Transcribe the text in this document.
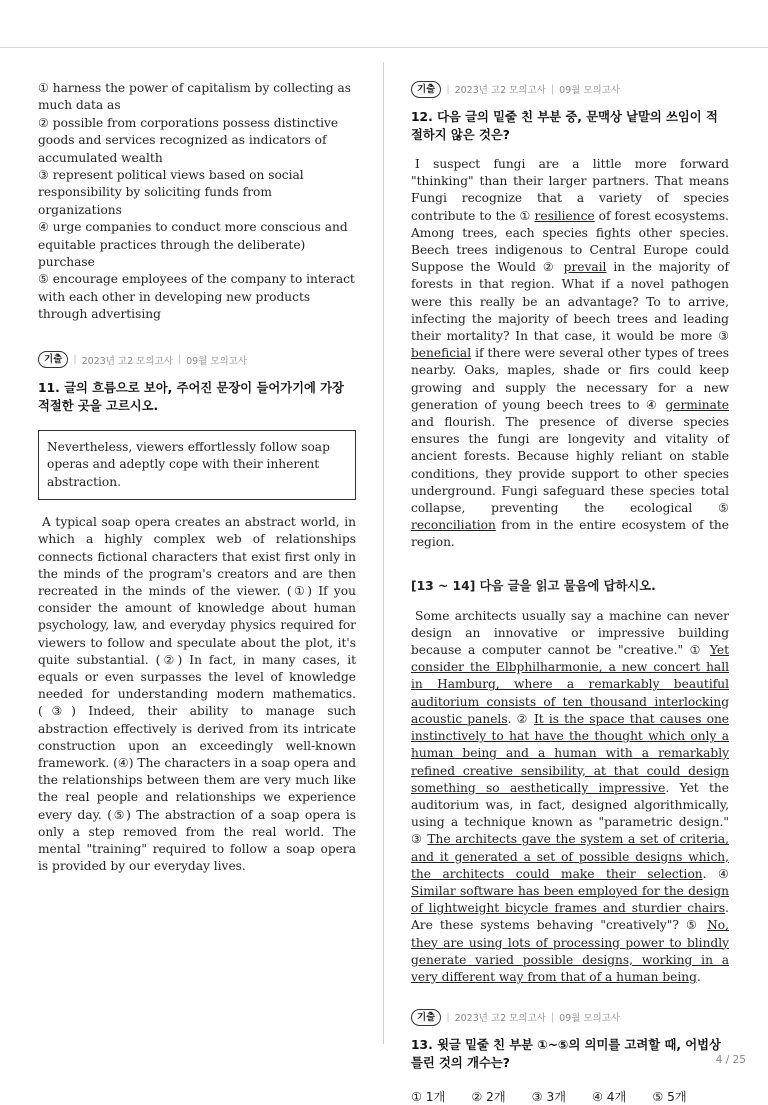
① harness the power of capitalism by collecting as much data as

② possible from corporations possess distinctive goods and services recognized as indicators of accumulated wealth

③ represent political views based on social responsibility by soliciting funds from organizations

④ urge companies to conduct more conscious and equitable practices through the deliberate) purchase

⑤ encourage employees of the company to interact with each other in developing new products through advertising

기출	| 2023년 고2 모의고사 | 09월 모의고사

11. 글의 흐름으로 보아, 주어진 문장이 들어가기에 가장 적절한 곳을 고르시오.

Nevertheless, viewers effortlessly follow soap operas and adeptly cope with their inherent abstraction.

A typical soap opera creates an abstract world, in which a highly complex web of relationships connects fictional characters that exist first only in the minds of the program's creators and are then recreated in the minds of the viewer. (①) If you consider the amount of knowledge about human psychology, law, and everyday physics required for viewers to follow and speculate about the plot, it's quite substantial. (②) In fact, in many cases, it equals or even surpasses the level of knowledge needed for understanding modern mathematics. (③) Indeed, their ability to manage such abstraction effectively is derived from its intricate construction upon an exceedingly well-known framework. (④) The characters in a soap opera and the relationships between them are very much like the real people and relationships we experience every day. (⑤) The abstraction of a soap opera is only a step removed from the real world. The mental "training" required to follow a soap opera is provided by our everyday lives.

기출	| 2023년 고2 모의고사 | 09월 모의고사

12. 다음 글의 밑줄 친 부분 중, 문맥상 낱말의 쓰임이 적절하지 않은 것은?

I suspect fungi are a little more forward "thinking" than their larger partners. That means Fungi recognize that a variety of species contribute to the ① resilience of forest ecosystems. Among trees, each species fights other species. Beech trees indigenous to Central Europe could Suppose the Would ② prevail in the majority of forests in that region. What if a novel pathogen were this really be an advantage? To to arrive, infecting the majority of beech trees and leading their mortality? In that case, it would be more ③ beneficial if there were several other types of trees nearby. Oaks, maples, shade or firs could keep growing and supply the necessary for a new generation of young beech trees to ④ germinate and flourish. The presence of diverse species ensures the fungi are longevity and vitality of ancient forests. Because highly reliant on stable conditions, they provide support to other species underground. Fungi safeguard these species total collapse, preventing the ecological ⑤ reconciliation from in the entire ecosystem of the region.

[13 ~ 14] 다음 글을 읽고 물음에 답하시오.

Some architects usually say a machine can never design an innovative or impressive building because a computer cannot be "creative." ① Yet consider the Elbphilharmonie, a new concert hall in Hamburg, where a remarkably beautiful auditorium consists of ten thousand interlocking acoustic panels. ② It is the space that causes one instinctively to hat have the thought which only a human being and a human with a remarkably refined creative sensibility, at that could design something so aesthetically impressive. Yet the auditorium was, in fact, designed algorithmically, using a technique known as "parametric design." ③ The architects gave the system a set of criteria, and it generated a set of possible designs which, the architects could make their selection. ④ Similar software has been employed for the design of lightweight bicycle frames and sturdier chairs. Are these systems behaving "creatively"? ⑤ No, they are using lots of processing power to blindly generate varied possible designs, working in a very different way from that of a human being.

기출	| 2023년 고2 모의고사 | 09월 모의고사

13. 윗글 밑줄 친 부분 ①~⑤의 의미를 고려할 때, 어법상 틀린 것의 개수는?

① 1개 ② 2개 ③ 3개 ④ 4개 ⑤ 5개
4 / 25
